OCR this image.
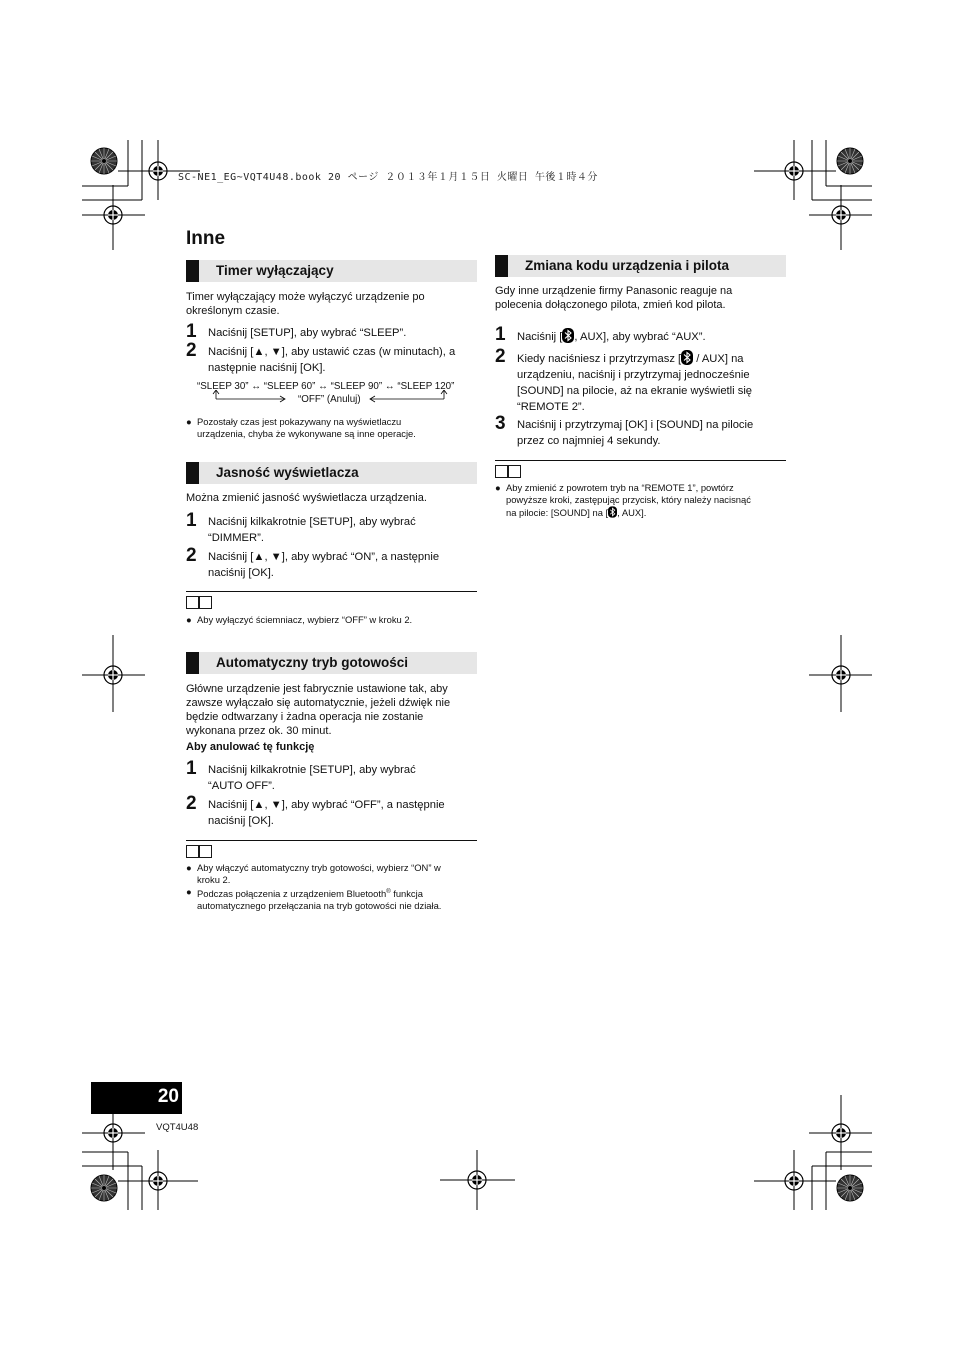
SC-NE1_EG~VQT4U48.book 20 ページ ２０１３年１月１５日 火曜日 午後１時４分
Inne
Timer wyłączający
Timer wyłączający może wyłączyć urządzenie po określonym czasie.
1 Naciśnij [SETUP], aby wybrać “SLEEP”.
2 Naciśnij [▲, ▼], aby ustawić czas (w minutach), a
następnie naciśnij [OK].
“SLEEP 30” ↔ “SLEEP 60” ↔ “SLEEP 90” ↔ “SLEEP 120”
“OFF” (Anuluj)
● Pozostały czas jest pokazywany na wyświetlaczu
urządzenia, chyba że wykonywane są inne operacje.
Jasność wyświetlacza
Można zmienić jasność wyświetlacza urządzenia.
1 Naciśnij kilkakrotnie [SETUP], aby wybrać
“DIMMER”.
2 Naciśnij [▲, ▼], aby wybrać “ON”, a następnie
naciśnij [OK].
● Aby wyłączyć ściemniacz, wybierz “OFF” w kroku 2.
Automatyczny tryb gotowości
Główne urządzenie jest fabrycznie ustawione tak, aby
zawsze wyłączało się automatycznie, jeżeli dźwięk nie
będzie odtwarzany i żadna operacja nie zostanie
wykonana przez ok. 30 minut.
Aby anulować tę funkcję
1 Naciśnij kilkakrotnie [SETUP], aby wybrać
“AUTO OFF”.
2 Naciśnij [▲, ▼], aby wybrać “OFF”, a następnie
naciśnij [OK].
● Aby włączyć automatyczny tryb gotowości, wybierz “ON” w
kroku 2.
● Podczas połączenia z urządzeniem Bluetooth® funkcja
automatycznego przełączania na tryb gotowości nie działa.
Zmiana kodu urządzenia i pilota
Gdy inne urządzenie firmy Panasonic reaguje na
polecenia dołączonego pilota, zmień kod pilota.
1 Naciśnij [ , AUX], aby wybrać “AUX”.
2 Kiedy naciśniesz i przytrzymasz [ / AUX] na
urządzeniu, naciśnij i przytrzymaj jednocześnie
[SOUND] na pilocie, aż na ekranie wyświetli się
“REMOTE 2”.
3 Naciśnij i przytrzymaj [OK] i [SOUND] na pilocie
przez co najmniej 4 sekundy.
● Aby zmienić z powrotem tryb na “REMOTE 1”, powtórz
powyższe kroki, zastępując przycisk, który należy nacisnąć
na pilocie: [SOUND] na [ , AUX].
20
VQT4U48
